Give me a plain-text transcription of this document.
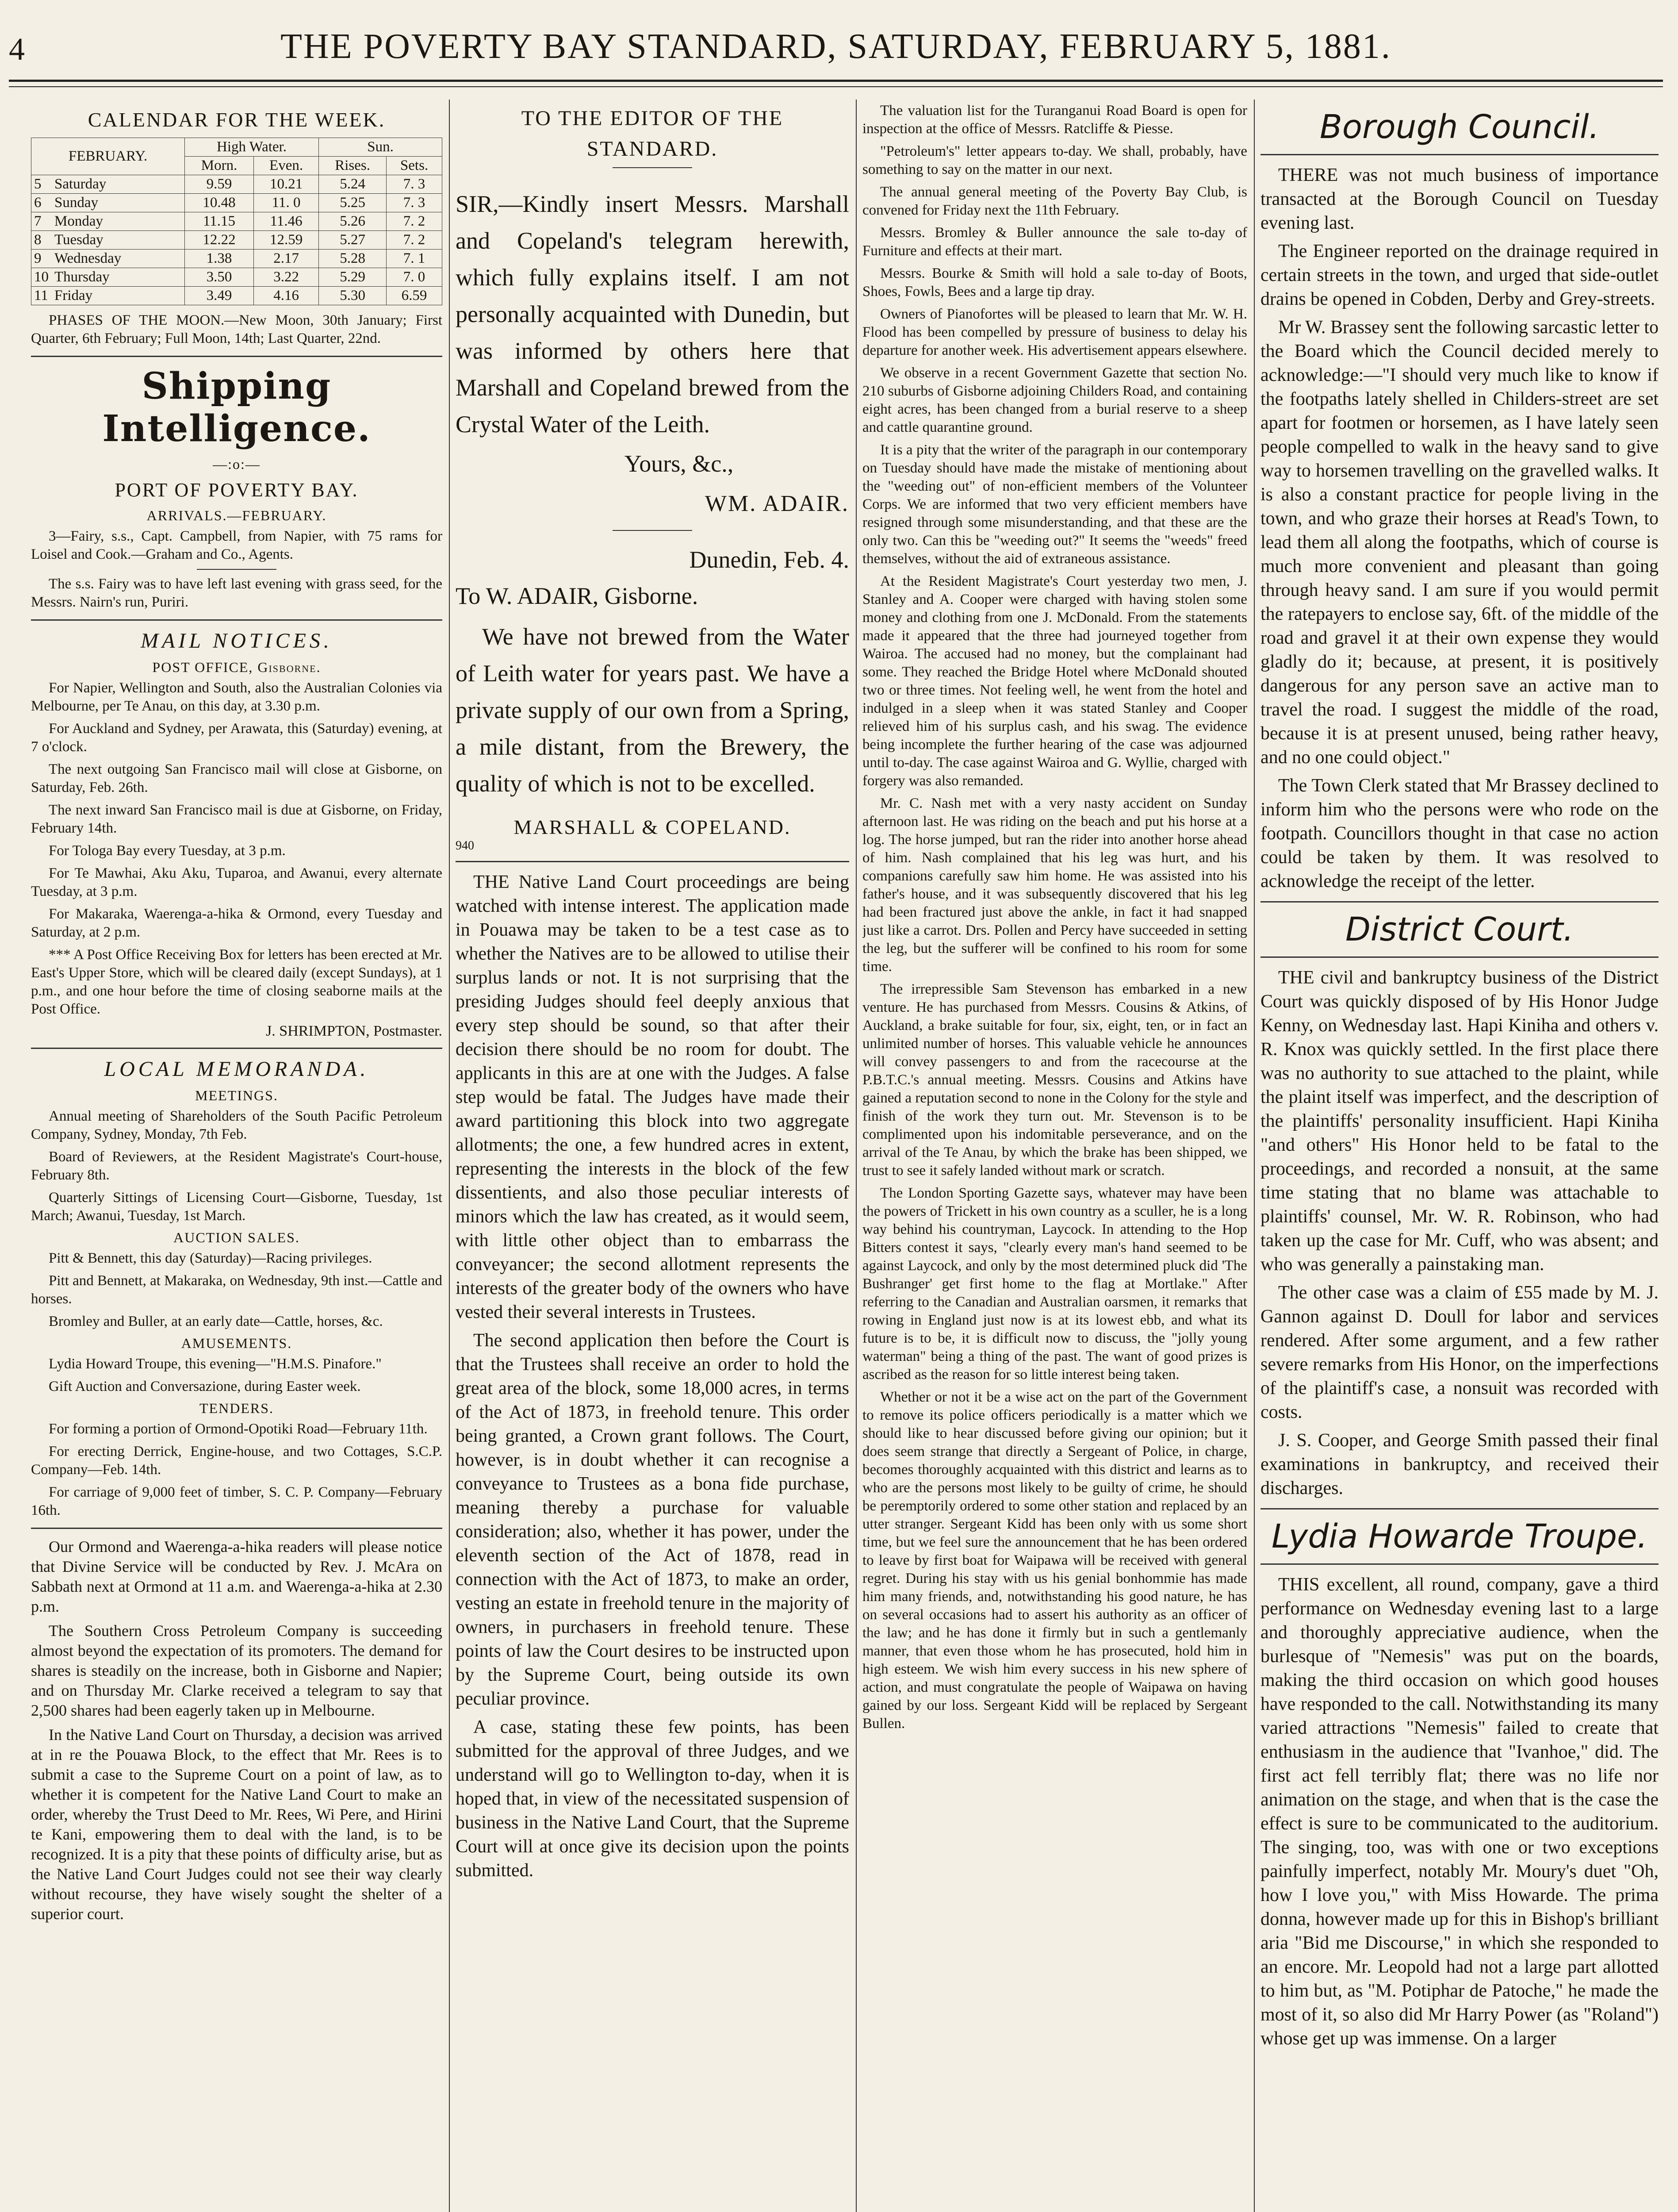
4	THE POVERTY BAY STANDARD, SATURDAY, FEBRUARY 5, 1881.
CALENDAR FOR THE WEEK.
FEBRUARY.	High Water.		Sun.	
	Morn.	Even.	Rises.	Sets.
5 Saturday	9.59	10.21	5.24	7. 3
6 Sunday	10.48	11. 0	5.25	7. 3
7 Monday	11.15	11.46	5.26	7. 2
8 Tuesday	12.22	12.59	5.27	7. 2
9 Wednesday	1.38	2.17	5.28	7. 1
10 Thursday	3.50	3.22	5.29	7. 0
11 Friday	3.49	4.16	5.30	6.59

PHASES OF THE MOON.—New Moon, 30th January; First Quarter, 6th February; Full Moon, 14th; Last Quarter, 22nd.

Shipping Intelligence.
—:o:—
PORT OF POVERTY BAY.
ARRIVALS.—FEBRUARY.

3—Fairy, s.s., Capt. Campbell, from Napier, with 75 rams for Loisel and Cook.—Graham and Co., Agents.

The s.s. Fairy was to have left last evening with grass seed, for the Messrs. Nairn's run, Puriri.

MAIL NOTICES.
POST OFFICE, Gisborne.

For Napier, Wellington and South, also the Australian Colonies via Melbourne, per Te Anau, on this day, at 3.30 p.m.

For Auckland and Sydney, per Arawata, this (Saturday) evening, at 7 o'clock.

The next outgoing San Francisco mail will close at Gisborne, on Saturday, Feb. 26th.

The next inward San Francisco mail is due at Gisborne, on Friday, February 14th.

For Tologa Bay every Tuesday, at 3 p.m.

For Te Mawhai, Aku Aku, Tuparoa, and Awanui, every alternate Tuesday, at 3 p.m.

For Makaraka, Waerenga-a-hika & Ormond, every Tuesday and Saturday, at 2 p.m.

*** A Post Office Receiving Box for letters has been erected at Mr. East's Upper Store, which will be cleared daily (except Sundays), at 1 p.m., and one hour before the time of closing seaborne mails at the Post Office.

J. SHRIMPTON, Postmaster.
LOCAL MEMORANDA.
MEETINGS.

Annual meeting of Shareholders of the South Pacific Petroleum Company, Sydney, Monday, 7th Feb.

Board of Reviewers, at the Resident Magistrate's Court-house, February 8th.

Quarterly Sittings of Licensing Court—Gisborne, Tuesday, 1st March; Awanui, Tuesday, 1st March.

AUCTION SALES.

Pitt & Bennett, this day (Saturday)—Racing privileges.

Pitt and Bennett, at Makaraka, on Wednesday, 9th inst.—Cattle and horses.

Bromley and Buller, at an early date—Cattle, horses, &c.

AMUSEMENTS.

Lydia Howard Troupe, this evening—"H.M.S. Pinafore."

Gift Auction and Conversazione, during Easter week.

TENDERS.

For forming a portion of Ormond-Opotiki Road—February 11th.

For erecting Derrick, Engine-house, and two Cottages, S.C.P. Company—Feb. 14th.

For carriage of 9,000 feet of timber, S. C. P. Company—February 16th.

Our Ormond and Waerenga-a-hika readers will please notice that Divine Service will be conducted by Rev. J. McAra on Sabbath next at Ormond at 11 a.m. and Waerenga-a-hika at 2.30 p.m.

The Southern Cross Petroleum Company is succeeding almost beyond the expectation of its promoters. The demand for shares is steadily on the increase, both in Gisborne and Napier; and on Thursday Mr. Clarke received a telegram to say that 2,500 shares had been eagerly taken up in Melbourne.

In the Native Land Court on Thursday, a decision was arrived at in re the Pouawa Block, to the effect that Mr. Rees is to submit a case to the Supreme Court on a point of law, as to whether it is competent for the Native Land Court to make an order, whereby the Trust Deed to Mr. Rees, Wi Pere, and Hirini te Kani, empowering them to deal with the land, is to be recognized. It is a pity that these points of difficulty arise, but as the Native Land Court Judges could not see their way clearly without recourse, they have wisely sought the shelter of a superior court.

TO THE EDITOR OF THE
STANDARD.

SIR,—Kindly insert Messrs. Marshall and Copeland's telegram herewith, which fully explains itself. I am not personally acquainted with Dunedin, but was informed by others here that Marshall and Copeland brewed from the Crystal Water of the Leith.

Yours, &c.,
WM. ADAIR.
Dunedin, Feb. 4.
To W. ADAIR, Gisborne.

We have not brewed from the Water of Leith water for years past. We have a private supply of our own from a Spring, a mile distant, from the Brewery, the quality of which is not to be excelled.

MARSHALL & COPELAND.
940

THE Native Land Court proceedings are being watched with intense interest. The application made in Pouawa may be taken to be a test case as to whether the Natives are to be allowed to utilise their surplus lands or not. It is not surprising that the presiding Judges should feel deeply anxious that every step should be sound, so that after their decision there should be no room for doubt. The applicants in this are at one with the Judges. A false step would be fatal. The Judges have made their award partitioning this block into two aggregate allotments; the one, a few hundred acres in extent, representing the interests in the block of the few dissentients, and also those peculiar interests of minors which the law has created, as it would seem, with little other object than to embarrass the conveyancer; the second allotment represents the interests of the greater body of the owners who have vested their several interests in Trustees.

The second application then before the Court is that the Trustees shall receive an order to hold the great area of the block, some 18,000 acres, in terms of the Act of 1873, in freehold tenure. This order being granted, a Crown grant follows. The Court, however, is in doubt whether it can recognise a conveyance to Trustees as a bona fide purchase, meaning thereby a purchase for valuable consideration; also, whether it has power, under the eleventh section of the Act of 1878, read in connection with the Act of 1873, to make an order, vesting an estate in freehold tenure in the majority of owners, in purchasers in freehold tenure. These points of law the Court desires to be instructed upon by the Supreme Court, being outside its own peculiar province.

A case, stating these few points, has been submitted for the approval of three Judges, and we understand will go to Wellington to-day, when it is hoped that, in view of the necessitated suspension of business in the Native Land Court, that the Supreme Court will at once give its decision upon the points submitted.

The valuation list for the Turanganui Road Board is open for inspection at the office of Messrs. Ratcliffe & Piesse.

"Petroleum's" letter appears to-day. We shall, probably, have something to say on the matter in our next.

The annual general meeting of the Poverty Bay Club, is convened for Friday next the 11th February.

Messrs. Bromley & Buller announce the sale to-day of Furniture and effects at their mart.

Messrs. Bourke & Smith will hold a sale to-day of Boots, Shoes, Fowls, Bees and a large tip dray.

Owners of Pianofortes will be pleased to learn that Mr. W. H. Flood has been compelled by pressure of business to delay his departure for another week. His advertisement appears elsewhere.

We observe in a recent Government Gazette that section No. 210 suburbs of Gisborne adjoining Childers Road, and containing eight acres, has been changed from a burial reserve to a sheep and cattle quarantine ground.

It is a pity that the writer of the paragraph in our contemporary on Tuesday should have made the mistake of mentioning about the "weeding out" of non-efficient members of the Volunteer Corps. We are informed that two very efficient members have resigned through some misunderstanding, and that these are the only two. Can this be "weeding out?" It seems the "weeds" freed themselves, without the aid of extraneous assistance.

At the Resident Magistrate's Court yesterday two men, J. Stanley and A. Cooper were charged with having stolen some money and clothing from one J. McDonald. From the statements made it appeared that the three had journeyed together from Wairoa. The accused had no money, but the complainant had some. They reached the Bridge Hotel where McDonald shouted two or three times. Not feeling well, he went from the hotel and indulged in a sleep when it was stated Stanley and Cooper relieved him of his surplus cash, and his swag. The evidence being incomplete the further hearing of the case was adjourned until to-day. The case against Wairoa and G. Wyllie, charged with forgery was also remanded.

Mr. C. Nash met with a very nasty accident on Sunday afternoon last. He was riding on the beach and put his horse at a log. The horse jumped, but ran the rider into another horse ahead of him. Nash complained that his leg was hurt, and his companions carefully saw him home. He was assisted into his father's house, and it was subsequently discovered that his leg had been fractured just above the ankle, in fact it had snapped just like a carrot. Drs. Pollen and Percy have succeeded in setting the leg, but the sufferer will be confined to his room for some time.

The irrepressible Sam Stevenson has embarked in a new venture. He has purchased from Messrs. Cousins & Atkins, of Auckland, a brake suitable for four, six, eight, ten, or in fact an unlimited number of horses. This valuable vehicle he announces will convey passengers to and from the racecourse at the P.B.T.C.'s annual meeting. Messrs. Cousins and Atkins have gained a reputation second to none in the Colony for the style and finish of the work they turn out. Mr. Stevenson is to be complimented upon his indomitable perseverance, and on the arrival of the Te Anau, by which the brake has been shipped, we trust to see it safely landed without mark or scratch.

The London Sporting Gazette says, whatever may have been the powers of Trickett in his own country as a sculler, he is a long way behind his countryman, Laycock. In attending to the Hop Bitters contest it says, "clearly every man's hand seemed to be against Laycock, and only by the most determined pluck did 'The Bushranger' get first home to the flag at Mortlake." After referring to the Canadian and Australian oarsmen, it remarks that rowing in England just now is at its lowest ebb, and what its future is to be, it is difficult now to discuss, the "jolly young waterman" being a thing of the past. The want of good prizes is ascribed as the reason for so little interest being taken.

Whether or not it be a wise act on the part of the Government to remove its police officers periodically is a matter which we should like to hear discussed before giving our opinion; but it does seem strange that directly a Sergeant of Police, in charge, becomes thoroughly acquainted with this district and learns as to who are the persons most likely to be guilty of crime, he should be peremptorily ordered to some other station and replaced by an utter stranger. Sergeant Kidd has been only with us some short time, but we feel sure the announcement that he has been ordered to leave by first boat for Waipawa will be received with general regret. During his stay with us his genial bonhommie has made him many friends, and, notwithstanding his good nature, he has on several occasions had to assert his authority as an officer of the law; and he has done it firmly but in such a gentlemanly manner, that even those whom he has prosecuted, hold him in high esteem. We wish him every success in his new sphere of action, and must congratulate the people of Waipawa on having gained by our loss. Sergeant Kidd will be replaced by Sergeant Bullen.

Borough Council.

THERE was not much business of importance transacted at the Borough Council on Tuesday evening last.

The Engineer reported on the drainage required in certain streets in the town, and urged that side-outlet drains be opened in Cobden, Derby and Grey-streets.

Mr W. Brassey sent the following sarcastic letter to the Board which the Council decided merely to acknowledge:—"I should very much like to know if the footpaths lately shelled in Childers-street are set apart for footmen or horsemen, as I have lately seen people compelled to walk in the heavy sand to give way to horsemen travelling on the gravelled walks. It is also a constant practice for people living in the town, and who graze their horses at Read's Town, to lead them all along the footpaths, which of course is much more convenient and pleasant than going through heavy sand. I am sure if you would permit the ratepayers to enclose say, 6ft. of the middle of the road and gravel it at their own expense they would gladly do it; because, at present, it is positively dangerous for any person save an active man to travel the road. I suggest the middle of the road, because it is at present unused, being rather heavy, and no one could object."

The Town Clerk stated that Mr Brassey declined to inform him who the persons were who rode on the footpath. Councillors thought in that case no action could be taken by them. It was resolved to acknowledge the receipt of the letter.

District Court.

THE civil and bankruptcy business of the District Court was quickly disposed of by His Honor Judge Kenny, on Wednesday last. Hapi Kiniha and others v. R. Knox was quickly settled. In the first place there was no authority to sue attached to the plaint, while the plaint itself was imperfect, and the description of the plaintiffs' personality insufficient. Hapi Kiniha "and others" His Honor held to be fatal to the proceedings, and recorded a nonsuit, at the same time stating that no blame was attachable to plaintiffs' counsel, Mr. W. R. Robinson, who had taken up the case for Mr. Cuff, who was absent; and who was generally a painstaking man.

The other case was a claim of £55 made by M. J. Gannon against D. Doull for labor and services rendered. After some argument, and a few rather severe remarks from His Honor, on the imperfections of the plaintiff's case, a nonsuit was recorded with costs.

J. S. Cooper, and George Smith passed their final examinations in bankruptcy, and received their discharges.

Lydia Howarde Troupe.

THIS excellent, all round, company, gave a third performance on Wednesday evening last to a large and thoroughly appreciative audience, when the burlesque of "Nemesis" was put on the boards, making the third occasion on which good houses have responded to the call. Notwithstanding its many varied attractions "Nemesis" failed to create that enthusiasm in the audience that "Ivanhoe," did. The first act fell terribly flat; there was no life nor animation on the stage, and when that is the case the effect is sure to be communicated to the auditorium. The singing, too, was with one or two exceptions painfully imperfect, notably Mr. Moury's duet "Oh, how I love you," with Miss Howarde. The prima donna, however made up for this in Bishop's brilliant aria "Bid me Discourse," in which she responded to an encore. Mr. Leopold had not a large part allotted to him but, as "M. Potiphar de Patoche," he made the most of it, so also did Mr Harry Power (as "Roland") whose get up was immense. On a larger
